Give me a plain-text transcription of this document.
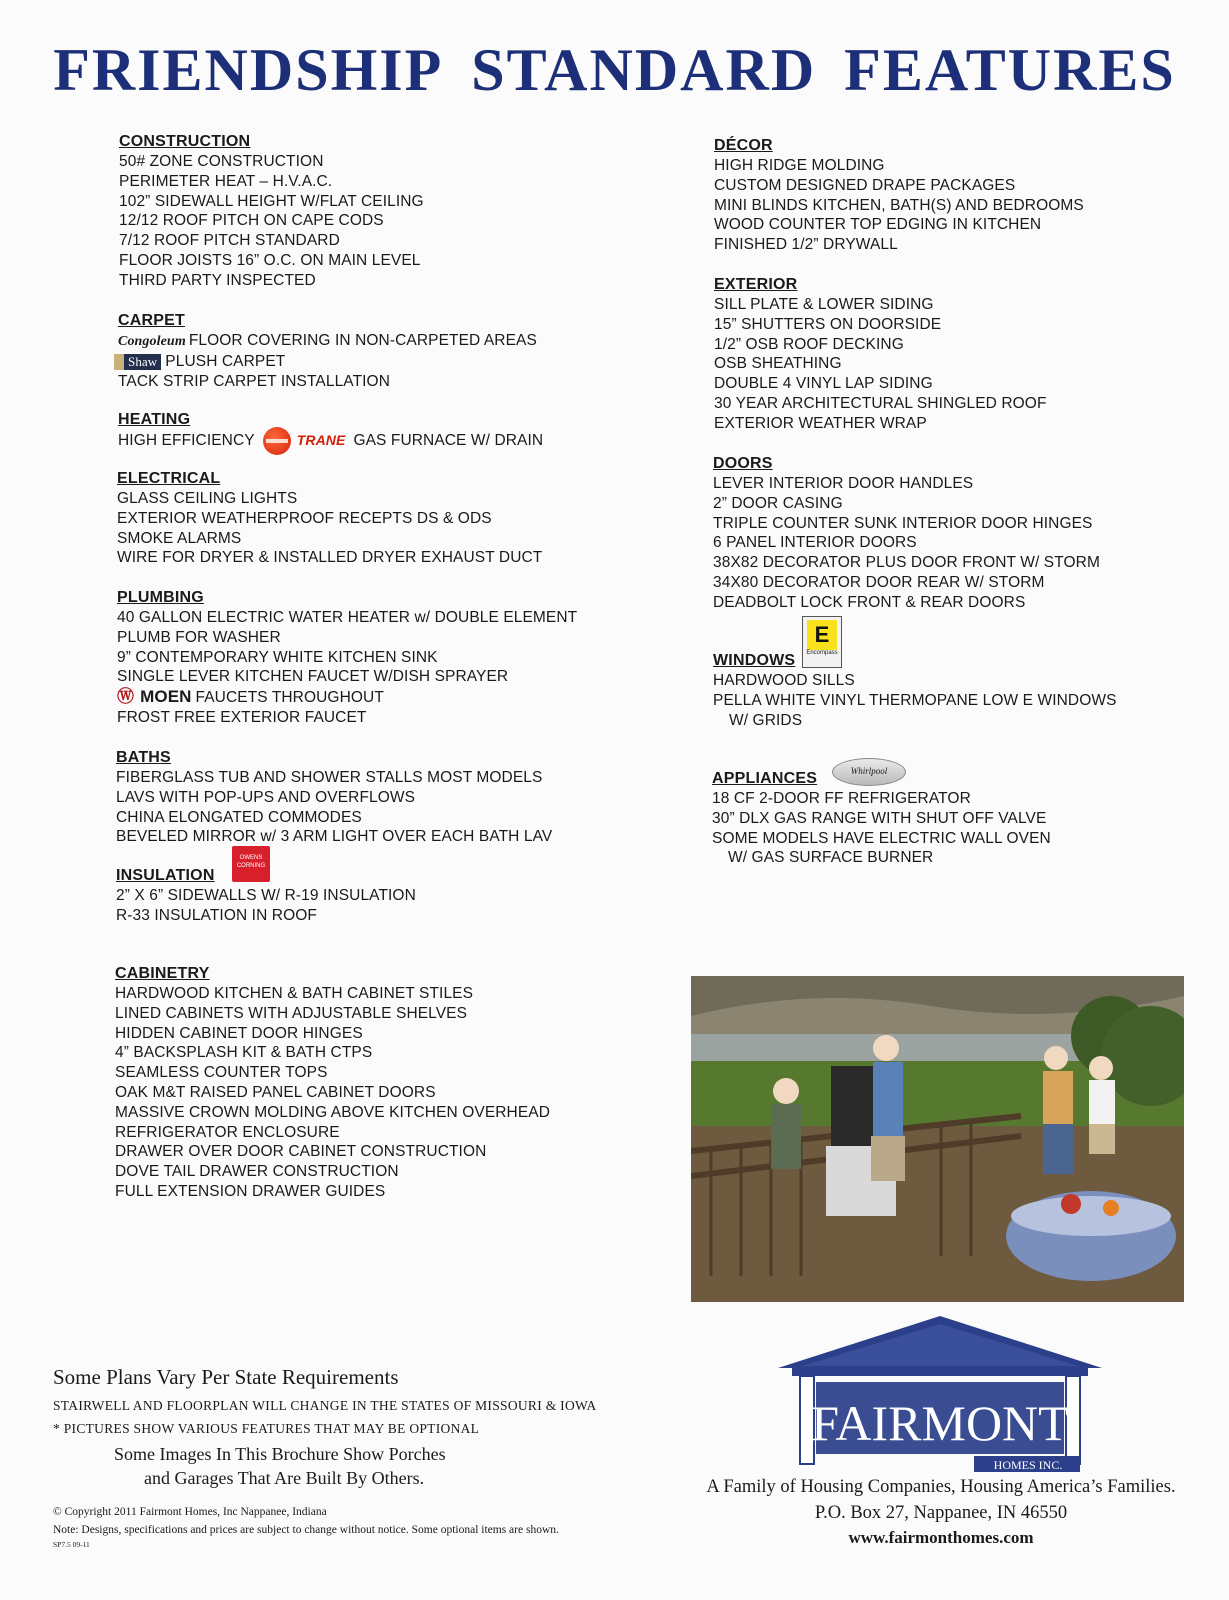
FRIENDSHIP STANDARD FEATURES
CONSTRUCTION
50# ZONE CONSTRUCTION
PERIMETER HEAT – H.V.A.C.
102” SIDEWALL HEIGHT W/FLAT CEILING
12/12 ROOF PITCH ON CAPE CODS
7/12 ROOF PITCH STANDARD
FLOOR JOISTS 16” O.C. ON MAIN LEVEL
THIRD PARTY INSPECTED
CARPET
Congoleum FLOOR COVERING IN NON-CARPETED AREAS
Shaw PLUSH CARPET
TACK STRIP CARPET INSTALLATION
HEATING
HIGH EFFICIENCY	TRANE GAS FURNACE W/ DRAIN
ELECTRICAL
GLASS CEILING LIGHTS
EXTERIOR WEATHERPROOF RECEPTS DS & ODS
SMOKE ALARMS
WIRE FOR DRYER & INSTALLED DRYER EXHAUST DUCT
PLUMBING
40 GALLON ELECTRIC WATER HEATER w/ DOUBLE ELEMENT
PLUMB FOR WASHER
9” CONTEMPORARY WHITE KITCHEN SINK
SINGLE LEVER KITCHEN FAUCET W/DISH SPRAYER
Ⓦ MOEN FAUCETS THROUGHOUT
FROST FREE EXTERIOR FAUCET
BATHS
FIBERGLASS TUB AND SHOWER STALLS MOST MODELS
LAVS WITH POP-UPS AND OVERFLOWS
CHINA ELONGATED COMMODES
BEVELED MIRROR w/ 3 ARM LIGHT OVER EACH BATH LAV
OWENS CORNING
INSULATION
2” X 6” SIDEWALLS W/ R-19 INSULATION
R-33 INSULATION IN ROOF
CABINETRY
HARDWOOD KITCHEN & BATH CABINET STILES
LINED CABINETS WITH ADJUSTABLE SHELVES
HIDDEN CABINET DOOR HINGES
4” BACKSPLASH KIT & BATH CTPS
SEAMLESS COUNTER TOPS
OAK M&T RAISED PANEL CABINET DOORS
MASSIVE CROWN MOLDING ABOVE KITCHEN OVERHEAD
REFRIGERATOR ENCLOSURE
DRAWER OVER DOOR CABINET CONSTRUCTION
DOVE TAIL DRAWER CONSTRUCTION
FULL EXTENSION DRAWER GUIDES
DÉCOR
HIGH RIDGE MOLDING
CUSTOM DESIGNED DRAPE PACKAGES
MINI BLINDS KITCHEN, BATH(S) AND BEDROOMS
WOOD COUNTER TOP EDGING IN KITCHEN
FINISHED 1/2” DRYWALL
EXTERIOR
SILL PLATE & LOWER SIDING
15” SHUTTERS ON DOORSIDE
1/2” OSB ROOF DECKING
OSB SHEATHING
DOUBLE 4 VINYL LAP SIDING
30 YEAR ARCHITECTURAL SHINGLED ROOF
EXTERIOR WEATHER WRAP
DOORS
LEVER INTERIOR DOOR HANDLES
2” DOOR CASING
TRIPLE COUNTER SUNK INTERIOR DOOR HINGES
6 PANEL INTERIOR DOORS
38X82 DECORATOR PLUS DOOR FRONT W/ STORM
34X80 DECORATOR DOOR REAR W/ STORM
DEADBOLT LOCK FRONT & REAR DOORS
E
Encompass
WINDOWS
HARDWOOD SILLS
PELLA WHITE VINYL THERMOPANE LOW E WINDOWS
W/ GRIDS
Whirlpool
APPLIANCES
18 CF 2-DOOR FF REFRIGERATOR
30” DLX GAS RANGE WITH SHUT OFF VALVE
SOME MODELS HAVE ELECTRIC WALL OVEN
W/ GAS SURFACE BURNER
Some Plans Vary Per State Requirements
STAIRWELL AND FLOORPLAN WILL CHANGE IN THE STATES OF MISSOURI & IOWA
* PICTURES SHOW VARIOUS FEATURES THAT MAY BE OPTIONAL
Some Images In This Brochure Show Porches
and Garages That Are Built By Others.
© Copyright 2011 Fairmont Homes, Inc Nappanee, Indiana
Note: Designs, specifications and prices are subject to change without notice. Some optional items are shown.
SP7.5 09-11
FAIRMONT
HOMES INC.
A Family of Housing Companies, Housing America’s Families.
P.O. Box 27, Nappanee, IN 46550
www.fairmonthomes.com
